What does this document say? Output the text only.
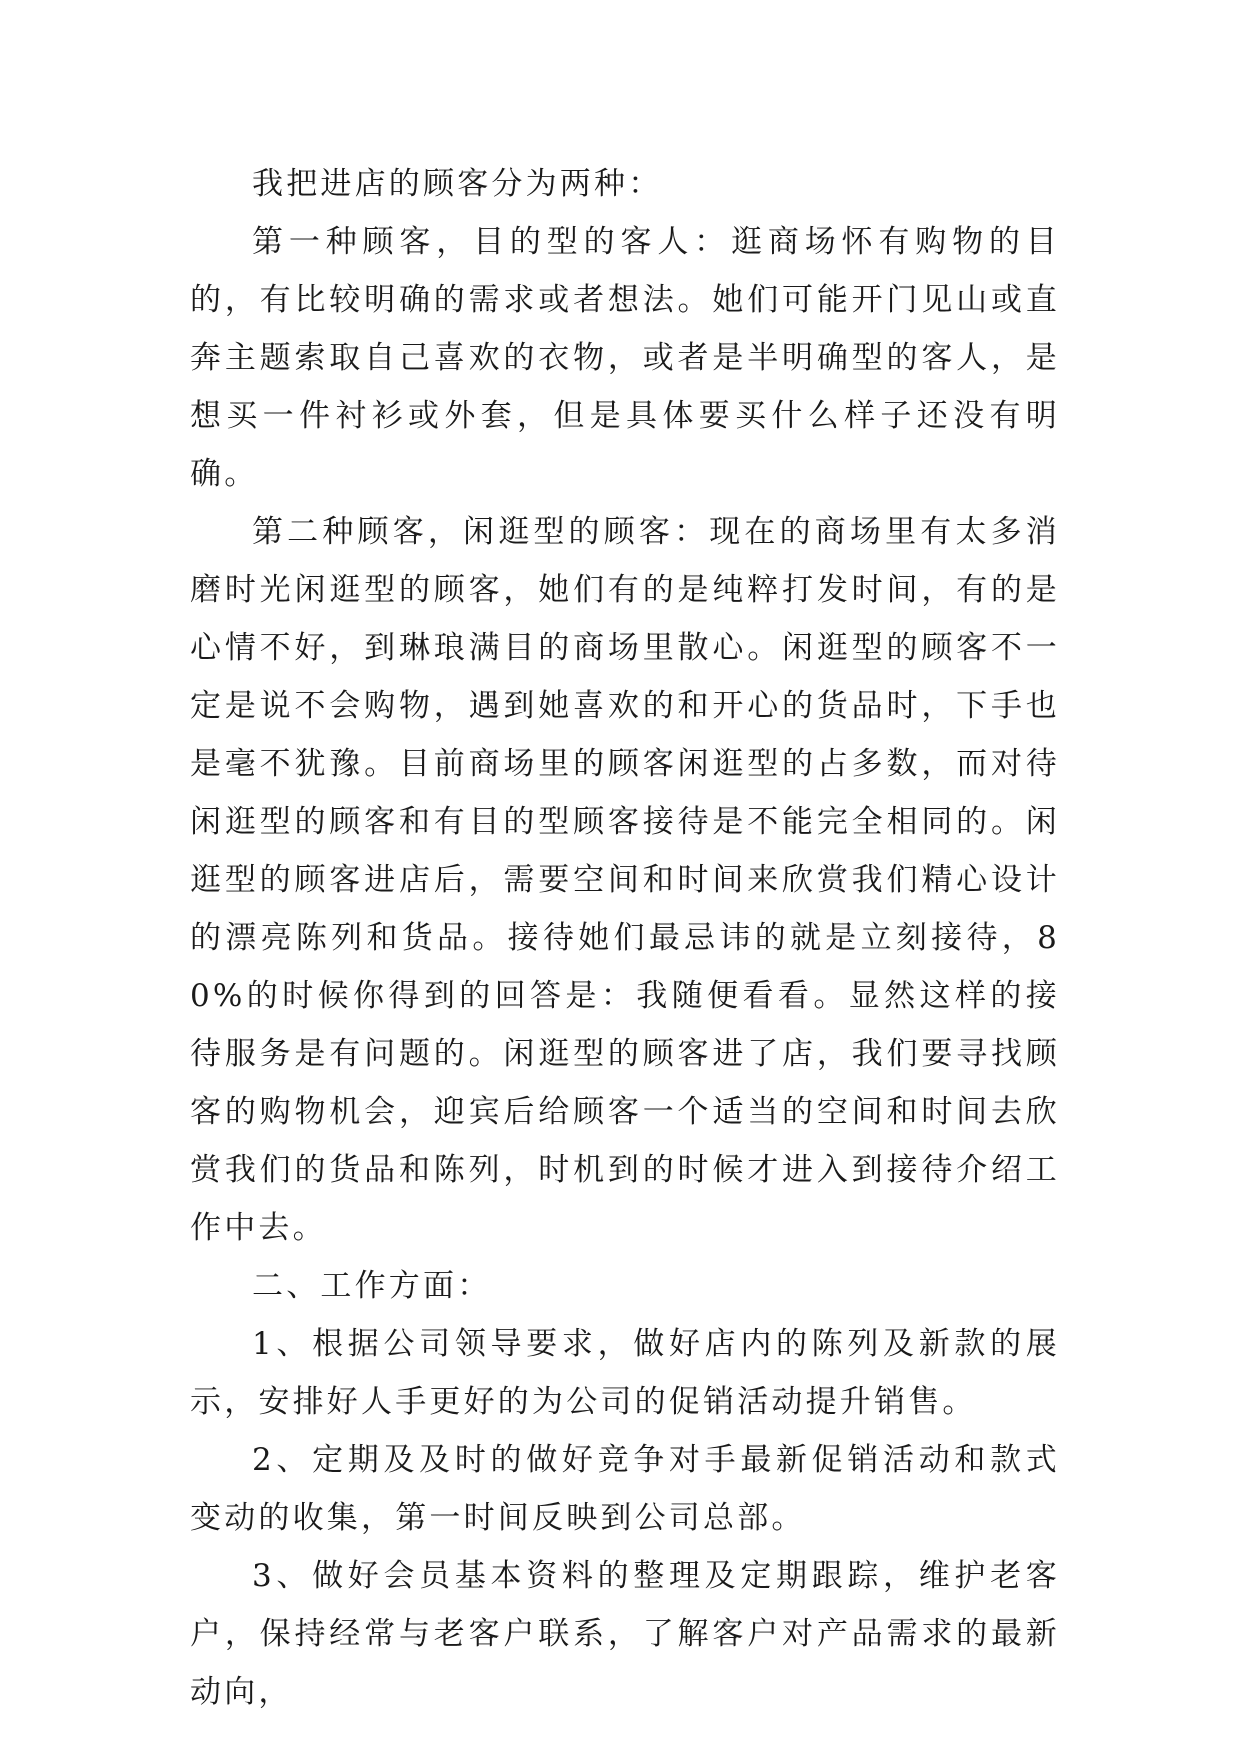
我把进店的顾客分为两种：

第一种顾客，目的型的客人：逛商场怀有购物的目的，有比较明确的需求或者想法。她们可能开门见山或直奔主题索取自己喜欢的衣物，或者是半明确型的客人，是想买一件衬衫或外套，但是具体要买什么样子还没有明确。

第二种顾客，闲逛型的顾客：现在的商场里有太多消磨时光闲逛型的顾客，她们有的是纯粹打发时间，有的是心情不好，到琳琅满目的商场里散心。闲逛型的顾客不一定是说不会购物，遇到她喜欢的和开心的货品时，下手也是毫不犹豫。目前商场里的顾客闲逛型的占多数，而对待闲逛型的顾客和有目的型顾客接待是不能完全相同的。闲逛型的顾客进店后，需要空间和时间来欣赏我们精心设计的漂亮陈列和货品。接待她们最忌讳的就是立刻接待，80%的时候你得到的回答是：我随便看看。显然这样的接待服务是有问题的。闲逛型的顾客进了店，我们要寻找顾客的购物机会，迎宾后给顾客一个适当的空间和时间去欣赏我们的货品和陈列，时机到的时候才进入到接待介绍工作中去。

二、工作方面：

1、根据公司领导要求，做好店内的陈列及新款的展示，安排好人手更好的为公司的促销活动提升销售。

2、定期及及时的做好竞争对手最新促销活动和款式变动的收集，第一时间反映到公司总部。

3、做好会员基本资料的整理及定期跟踪，维护老客户，保持经常与老客户联系，了解客户对产品需求的最新动向，
